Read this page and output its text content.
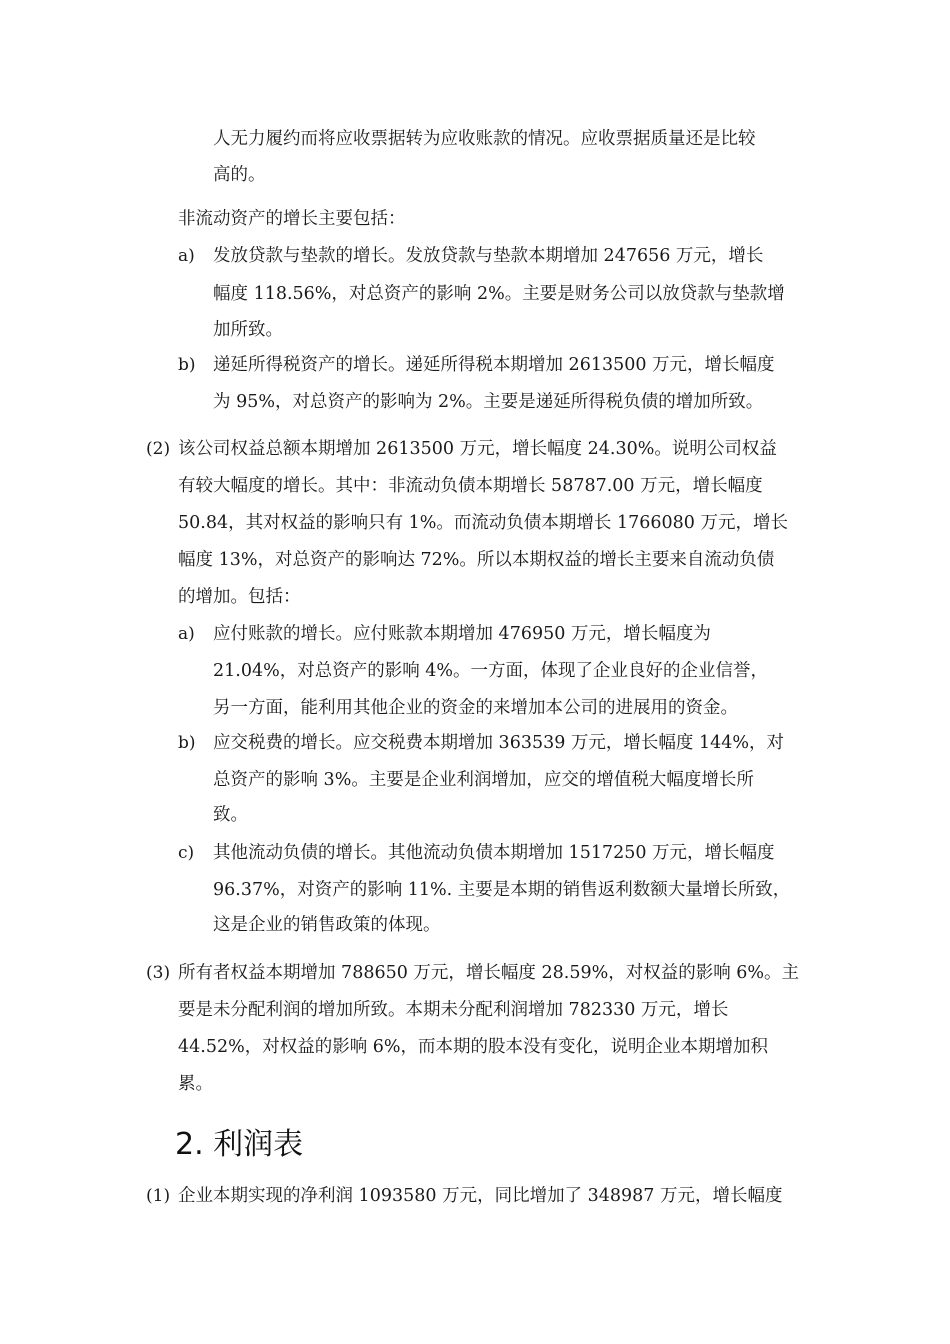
人无力履约而将应收票据转为应收账款的情况。应收票据质量还是比较
高的。
非流动资产的增长主要包括：
a) 发放贷款与垫款的增长。发放贷款与垫款本期增加 247656 万元，增长
幅度 118.56%，对总资产的影响 2%。主要是财务公司以放贷款与垫款增
加所致。
b) 递延所得税资产的增长。递延所得税本期增加 2613500 万元，增长幅度
为 95%，对总资产的影响为 2%。主要是递延所得税负债的增加所致。
(2) 该公司权益总额本期增加 2613500 万元，增长幅度 24.30%。说明公司权益
有较大幅度的增长。其中：非流动负债本期增长 58787.00 万元，增长幅度
50.84，其对权益的影响只有 1%。而流动负债本期增长 1766080 万元，增长
幅度 13%，对总资产的影响达 72%。所以本期权益的增长主要来自流动负债
的增加。包括：
a) 应付账款的增长。应付账款本期增加 476950 万元，增长幅度为
21.04%，对总资产的影响 4%。一方面，体现了企业良好的企业信誉，
另一方面，能利用其他企业的资金的来增加本公司的进展用的资金。
b) 应交税费的增长。应交税费本期增加 363539 万元，增长幅度 144%，对
总资产的影响 3%。主要是企业利润增加，应交的增值税大幅度增长所
致。
c) 其他流动负债的增长。其他流动负债本期增加 1517250 万元，增长幅度
96.37%，对资产的影响 11%. 主要是本期的销售返利数额大量增长所致，
这是企业的销售政策的体现。
(3) 所有者权益本期增加 788650 万元，增长幅度 28.59%，对权益的影响 6%。主
要是未分配利润的增加所致。本期未分配利润增加 782330 万元，增长
44.52%，对权益的影响 6%，而本期的股本没有变化，说明企业本期增加积
累。
2. 利润表
(1) 企业本期实现的净利润 1093580 万元，同比增加了 348987 万元，增长幅度
